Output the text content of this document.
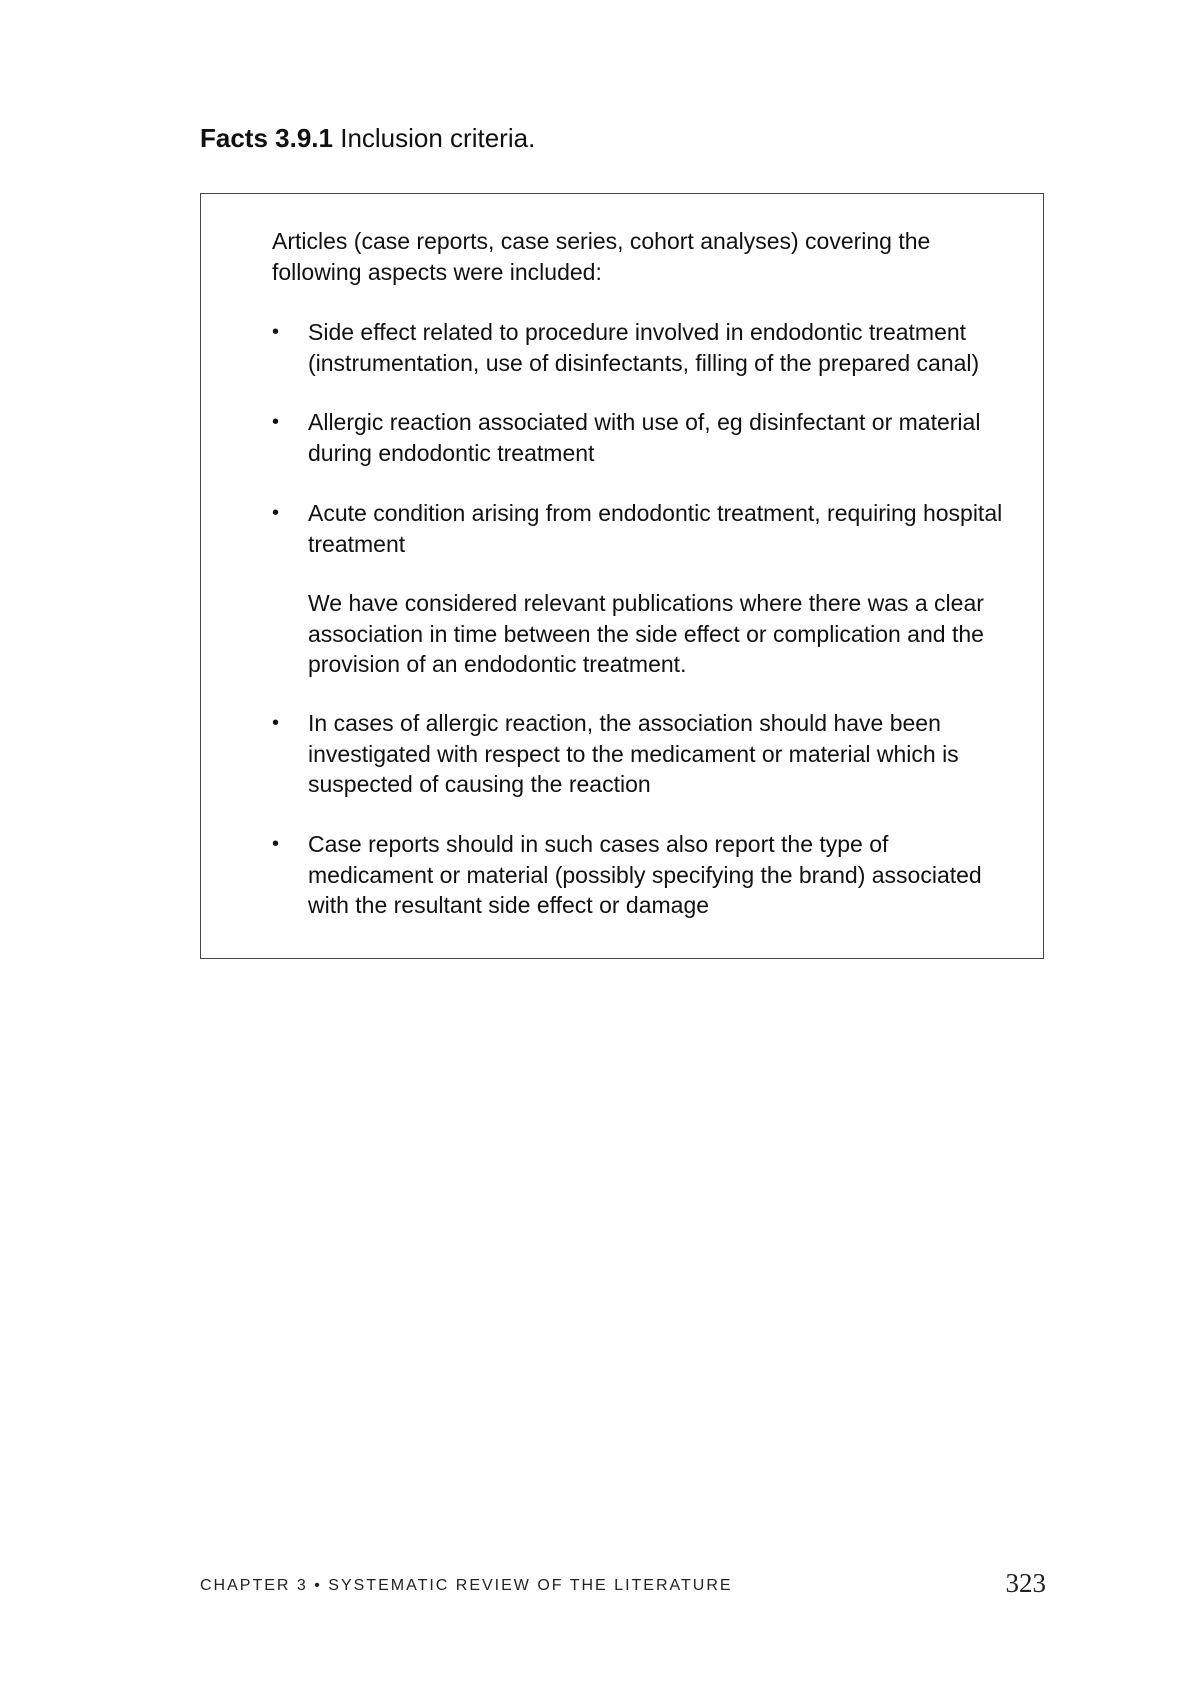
Facts 3.9.1 Inclusion criteria.

Articles (case reports, case series, cohort analyses) covering the following aspects were included:

•	Side effect related to procedure involved in endodontic treatment (instrumentation, use of disinfectants, filling of the prepared canal)

•	Allergic reaction associated with use of, eg disinfectant or material during endodontic treatment

•	Acute condition arising from endodontic treatment, requiring hospital treatment

We have considered relevant publications where there was a clear association in time between the side effect or complication and the provision of an endodontic treatment.

•	In cases of allergic reaction, the association should have been investigated with respect to the medicament or material which is suspected of causing the reaction

•	Case reports should in such cases also report the type of medicament or material (possibly specifying the brand) associated with the resultant side effect or damage

CHAPTER 3 • SYSTEMATIC REVIEW OF THE LITERATURE	323
